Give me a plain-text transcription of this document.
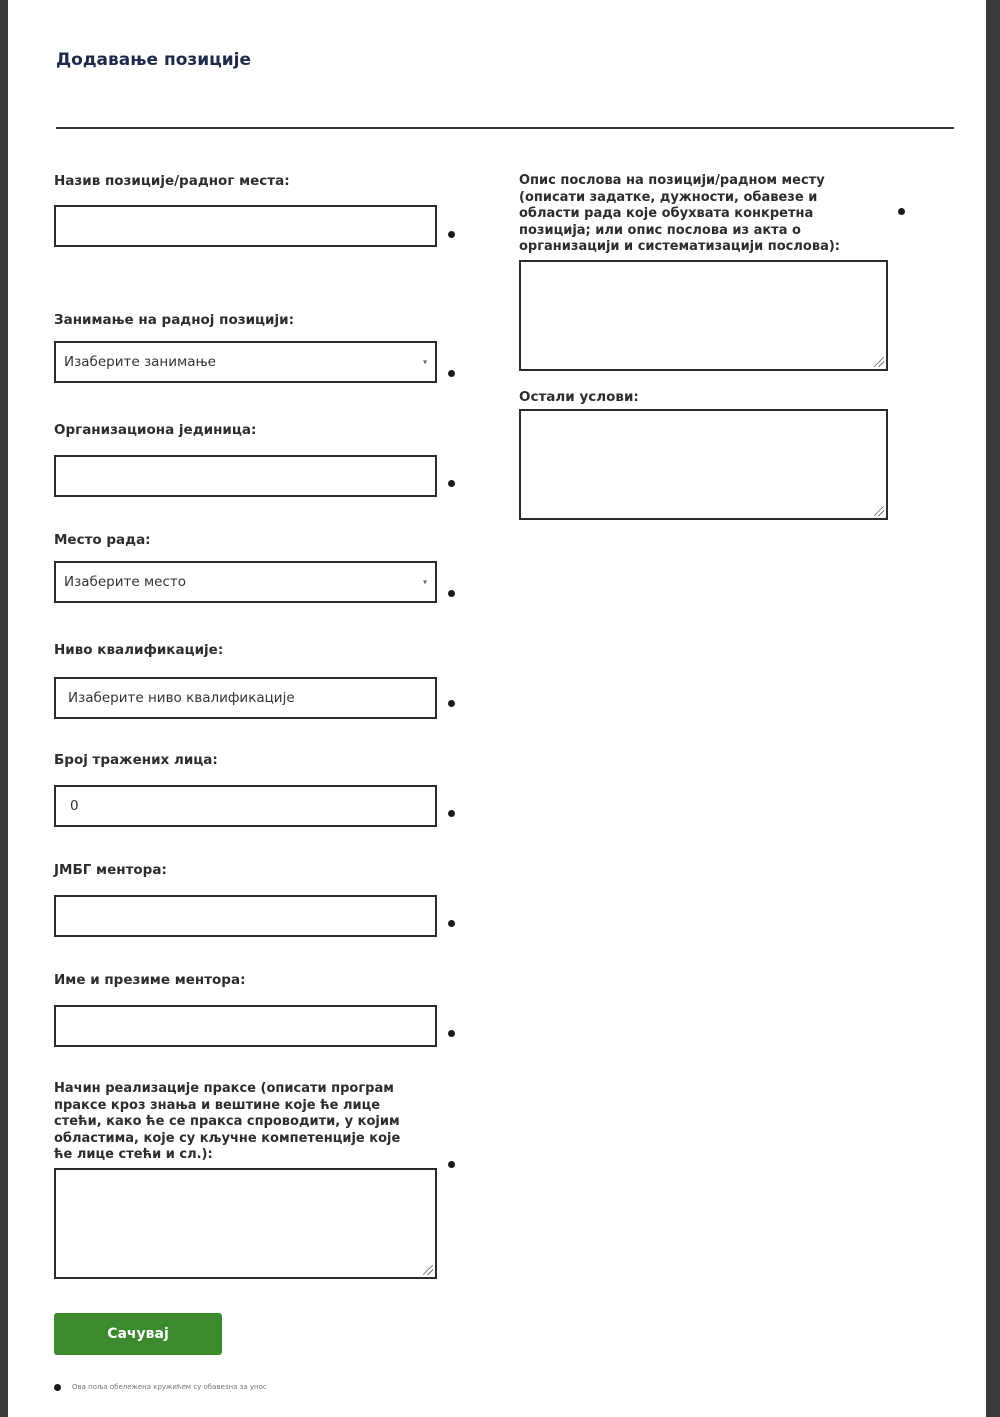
Додавање позиције
Назив позиције/радног места:
Занимање на радној позицији:
Изаберите занимање	▾
Организациона јединица:
Место рада:
Изаберите место	▾
Ниво квалификације:
Изаберите ниво квалификације
Број тражених лица:
0
ЈМБГ ментора:
Име и презиме ментора:
Начин реализације праксе (описати програм
праксе кроз знања и вештине које ће лице
стећи, како ће се пракса спроводити, у којим
областима, које су кључне компетенције које
ће лице стећи и сл.):
Сачувај
Ова поља обележена кружићем су обавезна за унос
Опис послова на позицији/радном месту
(описати задатке, дужности, обавезе и
области рада које обухвата конкретна
позиција; или опис послова из акта о
организацији и систематизацији послова):
Остали услови:
